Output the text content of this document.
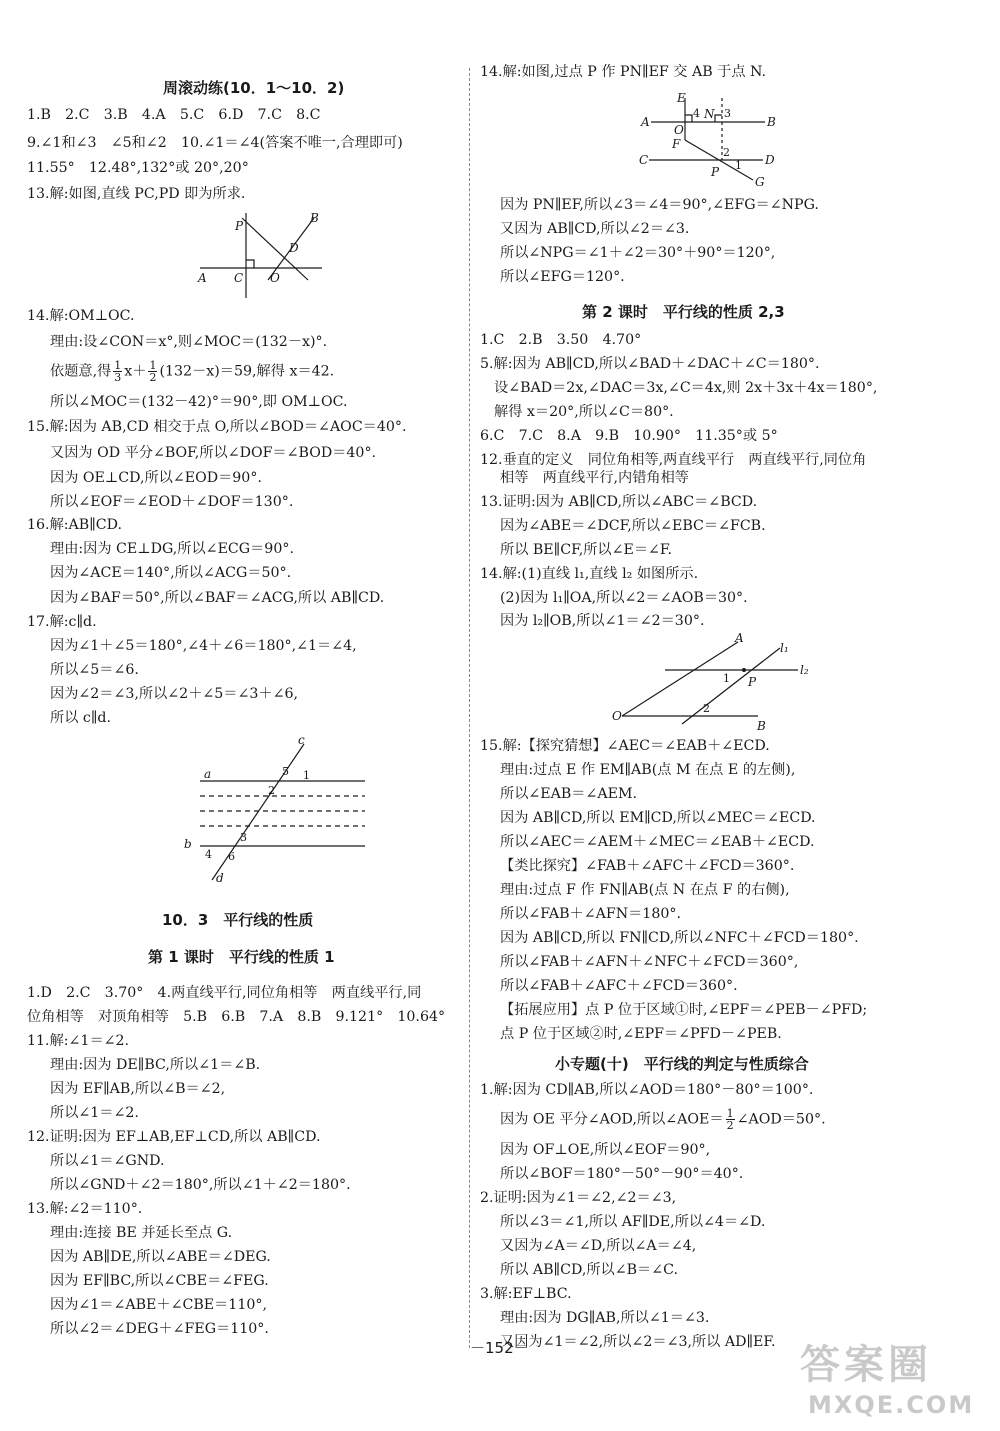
周滚动练(10．1～10．2)
1.B　2.C　3.B　4.A　5.C　6.D　7.C　8.C
9.∠1和∠3　∠5和∠2　10.∠1＝∠4(答案不唯一,合理即可)
11.55°　12.48°,132°或 20°,20°
13.解:如图,直线 PC,PD 即为所求.
P
B
D
A C O
14.解:OM⊥OC.
理由:设∠CON＝x°,则∠MOC＝(132－x)°.
依题意,得 $\frac{1}{3} x+ \frac{1}{2} (132-x)=59$,解得 x＝42.
所以∠MOC＝(132－42)°＝90°,即 OM⊥OC.
15.解:因为 AB,CD 相交于点 O,所以∠BOD＝∠AOC＝40°.
又因为 OD 平分∠BOF,所以∠DOF＝∠BOD＝40°.
因为 OE⊥CD,所以∠EOD＝90°.
所以∠EOF＝∠EOD＋∠DOF＝130°.
16.解:AB∥CD.
理由:因为 CE⊥DG,所以∠ECG＝90°.
因为∠ACE＝140°,所以∠ACG＝50°.
因为∠BAF＝50°,所以∠BAF＝∠ACG,所以 AB∥CD.
17.解:c∥d.
因为∠1＋∠5＝180°,∠4＋∠6＝180°,∠1＝∠4,
所以∠5＝∠6.
因为∠2＝∠3,所以∠2＋∠5＝∠3＋∠6,
所以 c∥d.
c
a
b
d
1
5
2
3
4 6
10．3　平行线的性质
第 1 课时　平行线的性质 1
1.D　2.C　3.70°　4.两直线平行,同位角相等　两直线平行,同
位角相等　对顶角相等　5.B　6.B　7.A　8.B　9.121°　10.64°
11.解:∠1＝∠2.
理由:因为 DE∥BC,所以∠1＝∠B.
因为 EF∥AB,所以∠B＝∠2,
所以∠1＝∠2.
12.证明:因为 EF⊥AB,EF⊥CD,所以 AB∥CD.
所以∠1＝∠GND.
所以∠GND＋∠2＝180°,所以∠1＋∠2＝180°.
13.解:∠2＝110°.
理由:连接 BE 并延长至点 G.
因为 AB∥DE,所以∠ABE＝∠DEG.
因为 EF∥BC,所以∠CBE＝∠FEG.
因为∠1＝∠ABE＋∠CBE＝110°,
所以∠2＝∠DEG＋∠FEG＝110°.
14.解:如图,过点 P 作 PN∥EF 交 AB 于点 N.
E
N
4 3
A	B
O
F
C
2
1
P
D
G
因为 PN∥EF,所以∠3＝∠4＝90°,∠EFG＝∠NPG.
又因为 AB∥CD,所以∠2＝∠3.
所以∠NPG＝∠1＋∠2＝30°＋90°＝120°,
所以∠EFG＝120°.
第 2 课时　平行线的性质 2,3
1.C　2.B　3.50　4.70°
5.解:因为 AB∥CD,所以∠BAD＋∠DAC＋∠C＝180°.
设∠BAD＝2x,∠DAC＝3x,∠C＝4x,则 2x＋3x＋4x＝180°,
解得 x＝20°,所以∠C＝80°.
6.C　7.C　8.A　9.B　10.90°　11.35°或 5°
12.垂直的定义　同位角相等,两直线平行　两直线平行,同位角
相等　两直线平行,内错角相等
13.证明:因为 AB∥CD,所以∠ABC＝∠BCD.
因为∠ABE＝∠DCF,所以∠EBC＝∠FCB.
所以 BE∥CF,所以∠E＝∠F.
14.解:(1)直线 l₁,直线 l₂ 如图所示.
(2)因为 l₁∥OA,所以∠2＝∠AOB＝30°.
因为 l₂∥OB,所以∠1＝∠2＝30°.
A
l₁
l₂
1 P
O
2
B
15.解:【探究猜想】∠AEC＝∠EAB＋∠ECD.
理由:过点 E 作 EM∥AB(点 M 在点 E 的左侧),
所以∠EAB＝∠AEM.
因为 AB∥CD,所以 EM∥CD,所以∠MEC＝∠ECD.
所以∠AEC＝∠AEM＋∠MEC＝∠EAB＋∠ECD.
【类比探究】∠FAB＋∠AFC＋∠FCD＝360°.
理由:过点 F 作 FN∥AB(点 N 在点 F 的右侧),
所以∠FAB＋∠AFN＝180°.
因为 AB∥CD,所以 FN∥CD,所以∠NFC＋∠FCD＝180°.
所以∠FAB＋∠AFN＋∠NFC＋∠FCD＝360°,
所以∠FAB＋∠AFC＋∠FCD＝360°.
【拓展应用】点 P 位于区域①时,∠EPF＝∠PEB－∠PFD;
点 P 位于区域②时,∠EPF＝∠PFD－∠PEB.
小专题(十)　平行线的判定与性质综合
1.解:因为 CD∥AB,所以∠AOD＝180°－80°＝100°.
因为 OE 平分∠AOD,所以∠AOE＝ $\frac{1}{2}$ ∠AOD＝50°.
因为 OF⊥OE,所以∠EOF＝90°,
所以∠BOF＝180°－50°－90°＝40°.
2.证明:因为∠1＝∠2,∠2＝∠3,
所以∠3＝∠1,所以 AF∥DE,所以∠4＝∠D.
又因为∠A＝∠D,所以∠A＝∠4,
所以 AB∥CD,所以∠B＝∠C.
3.解:EF⊥BC.
理由:因为 DG∥AB,所以∠1＝∠3.
又因为∠1＝∠2,所以∠2＝∠3,所以 AD∥EF.
－152－	答案圈
MXQE.COM
